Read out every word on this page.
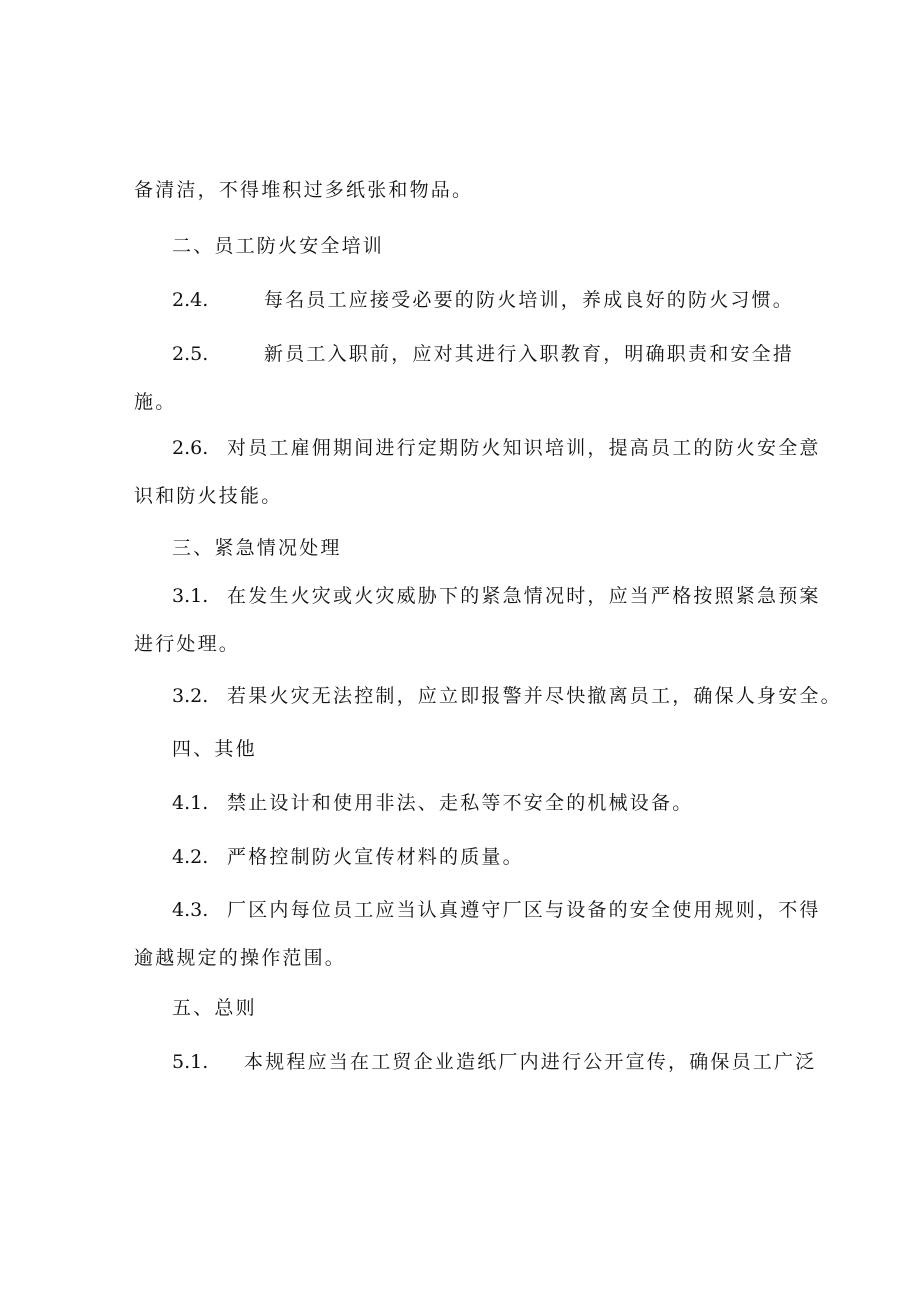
备清洁，不得堆积过多纸张和物品。
二、员工防火安全培训
2.4.	每名员工应接受必要的防火培训，养成良好的防火习惯。
2.5.	新员工入职前，应对其进行入职教育，明确职责和安全措
施。
2.6. 对员工雇佣期间进行定期防火知识培训，提高员工的防火安全意
识和防火技能。
三、紧急情况处理
3.1. 在发生火灾或火灾威胁下的紧急情况时，应当严格按照紧急预案
进行处理。
3.2. 若果火灾无法控制，应立即报警并尽快撤离员工，确保人身安全。
四、其他
4.1. 禁止设计和使用非法、走私等不安全的机械设备。
4.2. 严格控制防火宣传材料的质量。
4.3. 厂区内每位员工应当认真遵守厂区与设备的安全使用规则，不得
逾越规定的操作范围。
五、总则
5.1. 本规程应当在工贸企业造纸厂内进行公开宣传，确保员工广泛
